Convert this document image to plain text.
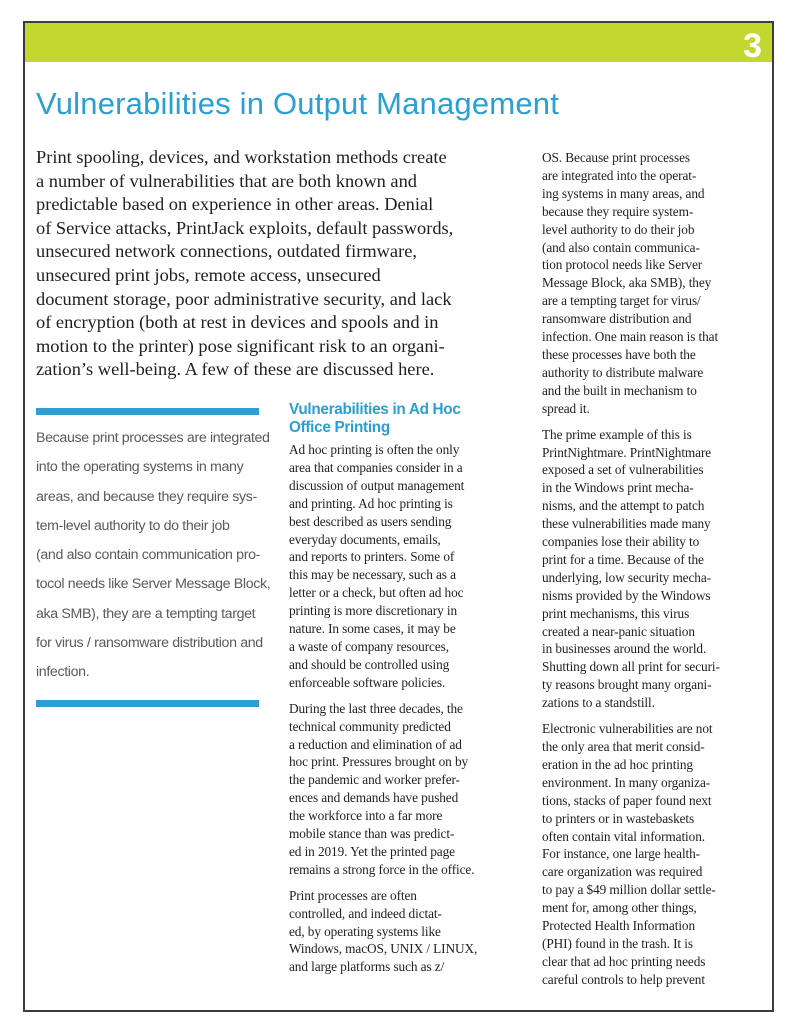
3
Vulnerabilities in Output Management

Print spooling, devices, and workstation methods create
a number of vulnerabilities that are both known and
predictable based on experience in other areas. Denial
of Service attacks, PrintJack exploits, default passwords,
unsecured network connections, outdated firmware,
unsecured print jobs, remote access, unsecured
document storage, poor administrative security, and lack
of encryption (both at rest in devices and spools and in
motion to the printer) pose significant risk to an organi-
zation’s well-being. A few of these are discussed here.

Because print processes are integrated
into the operating systems in many
areas, and because they require sys-
tem-level authority to do their job
(and also contain communication pro-
tocol needs like Server Message Block,
aka SMB), they are a tempting target
for virus / ransomware distribution and
infection.

Vulnerabilities in Ad Hoc
Office Printing

Ad hoc printing is often the only
area that companies consider in a
discussion of output management
and printing. Ad hoc printing is
best described as users sending
everyday documents, emails,
and reports to printers. Some of
this may be necessary, such as a
letter or a check, but often ad hoc
printing is more discretionary in
nature. In some cases, it may be
a waste of company resources,
and should be controlled using
enforceable software policies.

During the last three decades, the
technical community predicted
a reduction and elimination of ad
hoc print. Pressures brought on by
the pandemic and worker prefer-
ences and demands have pushed
the workforce into a far more
mobile stance than was predict-
ed in 2019. Yet the printed page
remains a strong force in the office.

Print processes are often
controlled, and indeed dictat-
ed, by operating systems like
Windows, macOS, UNIX / LINUX,
and large platforms such as z/

OS. Because print processes
are integrated into the operat-
ing systems in many areas, and
because they require system-
level authority to do their job
(and also contain communica-
tion protocol needs like Server
Message Block, aka SMB), they
are a tempting target for virus/
ransomware distribution and
infection. One main reason is that
these processes have both the
authority to distribute malware
and the built in mechanism to
spread it.

The prime example of this is
PrintNightmare. PrintNightmare
exposed a set of vulnerabilities
in the Windows print mecha-
nisms, and the attempt to patch
these vulnerabilities made many
companies lose their ability to
print for a time. Because of the
underlying, low security mecha-
nisms provided by the Windows
print mechanisms, this virus
created a near-panic situation
in businesses around the world.
Shutting down all print for securi-
ty reasons brought many organi-
zations to a standstill.

Electronic vulnerabilities are not
the only area that merit consid-
eration in the ad hoc printing
environment. In many organiza-
tions, stacks of paper found next
to printers or in wastebaskets
often contain vital information.
For instance, one large health-
care organization was required
to pay a $49 million dollar settle-
ment for, among other things,
Protected Health Information
(PHI) found in the trash. It is
clear that ad hoc printing needs
careful controls to help prevent
